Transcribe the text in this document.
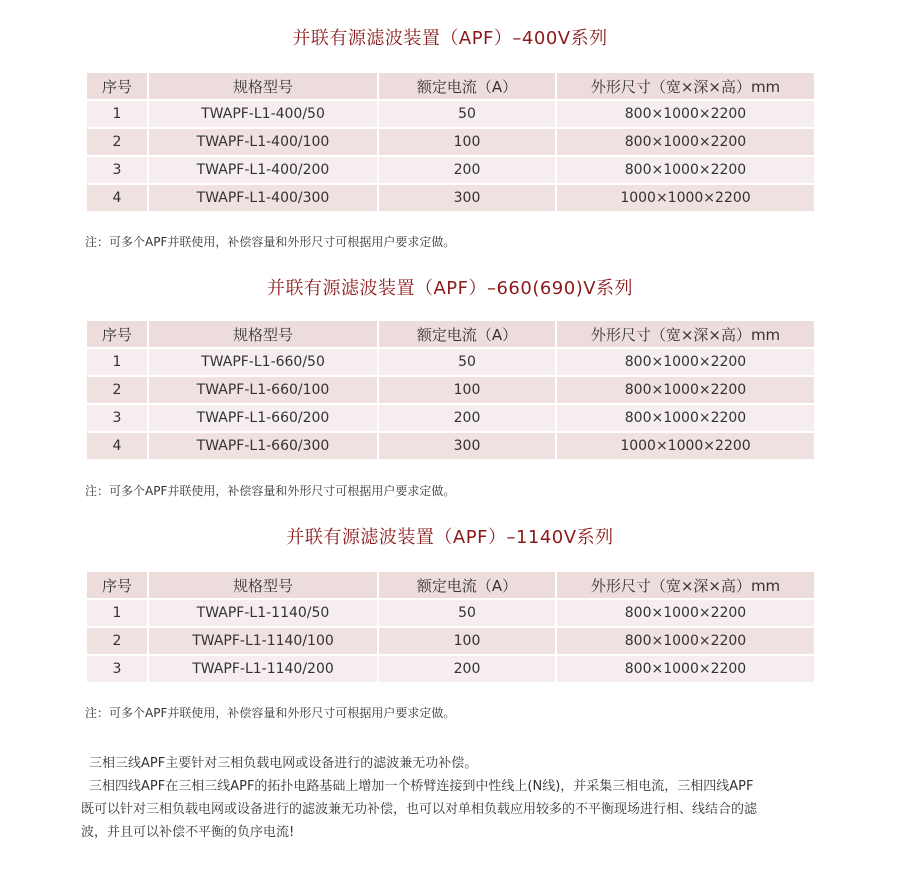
并联有源滤波装置（APF）–400V系列
序号	规格型号	额定电流（A）	外形尺寸（宽×深×高）mm
1	TWAPF-L1-400/50	50	800×1000×2200
2	TWAPF-L1-400/100	100	800×1000×2200
3	TWAPF-L1-400/200	200	800×1000×2200
4	TWAPF-L1-400/300	300	1000×1000×2200
注：可多个APF并联使用，补偿容量和外形尺寸可根据用户要求定做。
并联有源滤波装置（APF）–660(690)V系列
序号	规格型号	额定电流（A）	外形尺寸（宽×深×高）mm
1	TWAPF-L1-660/50	50	800×1000×2200
2	TWAPF-L1-660/100	100	800×1000×2200
3	TWAPF-L1-660/200	200	800×1000×2200
4	TWAPF-L1-660/300	300	1000×1000×2200
注：可多个APF并联使用，补偿容量和外形尺寸可根据用户要求定做。
并联有源滤波装置（APF）–1140V系列
序号	规格型号	额定电流（A）	外形尺寸（宽×深×高）mm
1	TWAPF-L1-1140/50	50	800×1000×2200
2	TWAPF-L1-1140/100	100	800×1000×2200
3	TWAPF-L1-1140/200	200	800×1000×2200
注：可多个APF并联使用，补偿容量和外形尺寸可根据用户要求定做。

三相三线APF主要针对三相负载电网或设备进行的滤波兼无功补偿。

三相四线APF在三相三线APF的拓扑电路基础上增加一个桥臂连接到中性线上(N线)，并采集三相电流，三相四线APF

既可以针对三相负载电网或设备进行的滤波兼无功补偿，也可以对单相负载应用较多的不平衡现场进行相、线结合的滤

波，并且可以补偿不平衡的负序电流!
